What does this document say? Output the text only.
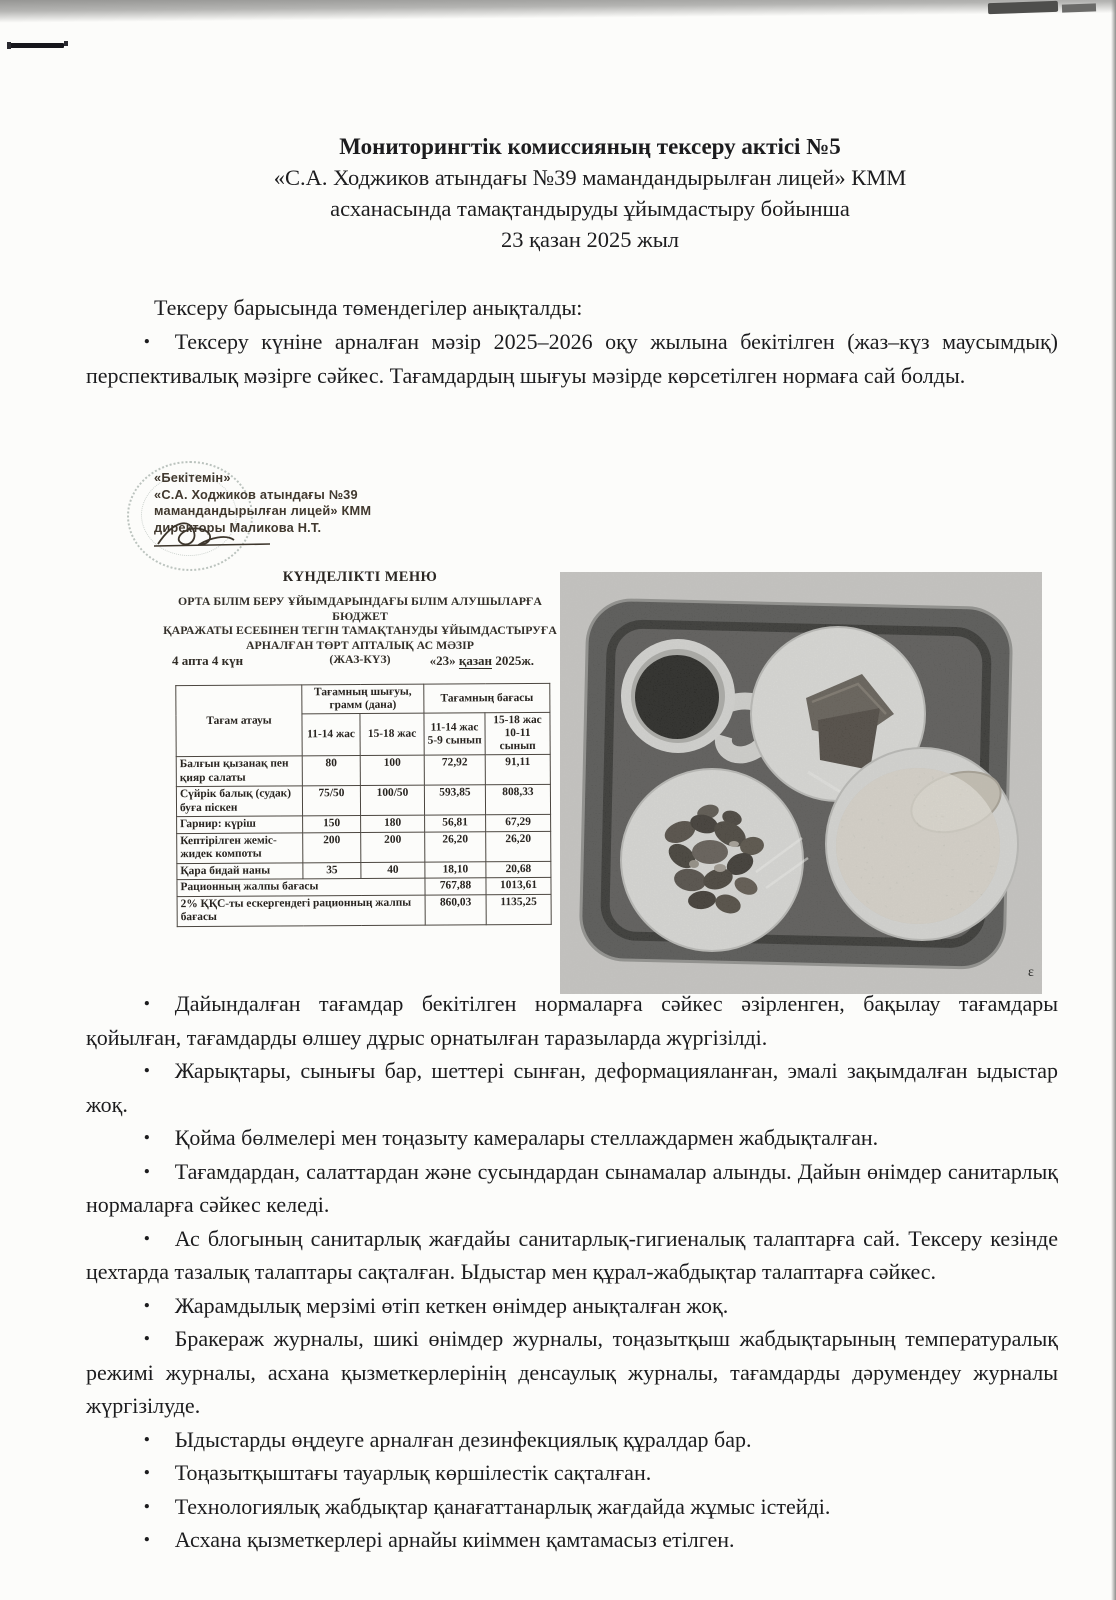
Мониторингтік комиссияның тексеру актісі №5
«С.А. Ходжиков атындағы №39 мамандандырылған лицей» КММ
асханасында тамақтандыруды ұйымдастыру бойынша
23 қазан 2025 жыл

Тексеру барысында төмендегілер анықталды:

• Тексеру күніне арналған мәзір 2025–2026 оқу жылына бекітілген (жаз–күз маусымдық) перспективалық мәзірге сәйкес. Тағамдардың шығуы мәзірде көрсетілген нормаға сай болды.

«Бекітемін»
«С.А. Ходжиков атындағы №39
мамандандырылған лицей» КММ
директоры Маликова Н.Т.
КҮНДЕЛІКТІ МЕНЮ
ОРТА БІЛІМ БЕРУ ҰЙЫМДАРЫНДАҒЫ БІЛІМ АЛУШЫЛАРҒА БЮДЖЕТ
ҚАРАЖАТЫ ЕСЕБІНЕН ТЕГІН ТАМАҚТАНУДЫ ҰЙЫМДАСТЫРУҒА
АРНАЛҒАН ТӨРТ АПТАЛЫҚ АС МӘЗІР
(ЖАЗ-КҮЗ)
4 апта 4 күн	«23» қазан 2025ж.
Тағам атауы	Тағамның шығуы, грамм (дана)		Тағамның бағасы	
	11-14 жас	15-18 жас	11-14 жас 5-9 сынып	15-18 жас 10-11 сынып
Балғын қызанақ пен қияр салаты	80	100	72,92	91,11
Сүйрік балық (судак) буға піскен	75/50	100/50	593,85	808,33
Гарнир: күріш	150	180	56,81	67,29
Кептірілген жеміс-жидек компоты	200	200	26,20	26,20
Қара бидай наны	35	40	18,10	20,68
Рационның жалпы бағасы			767,88	1013,61
2% ҚҚС-ты ескергендегі рационның жалпы бағасы			860,03	1135,25
ɛ

• Дайындалған тағамдар бекітілген нормаларға сәйкес әзірленген, бақылау тағамдары қойылған, тағамдарды өлшеу дұрыс орнатылған таразыларда жүргізілді.

• Жарықтары, сынығы бар, шеттері сынған, деформацияланған, эмалі зақымдалған ыдыстар жоқ.

• Қойма бөлмелері мен тоңазыту камералары стеллаждармен жабдықталған.

• Тағамдардан, салаттардан және сусындардан сынамалар алынды. Дайын өнімдер санитарлық нормаларға сәйкес келеді.

• Ас блогының санитарлық жағдайы санитарлық-гигиеналық талаптарға сай. Тексеру кезінде цехтарда тазалық талаптары сақталған. Ыдыстар мен құрал-жабдықтар талаптарға сәйкес.

• Жарамдылық мерзімі өтіп кеткен өнімдер анықталған жоқ.

• Бракераж журналы, шикі өнімдер журналы, тоңазытқыш жабдықтарының температуралық режимі журналы, асхана қызметкерлерінің денсаулық журналы, тағамдарды дәрумендеу журналы жүргізілуде.

• Ыдыстарды өңдеуге арналған дезинфекциялық құралдар бар.

• Тоңазытқыштағы тауарлық көршілестік сақталған.

• Технологиялық жабдықтар қанағаттанарлық жағдайда жұмыс істейді.

• Асхана қызметкерлері арнайы киіммен қамтамасыз етілген.
